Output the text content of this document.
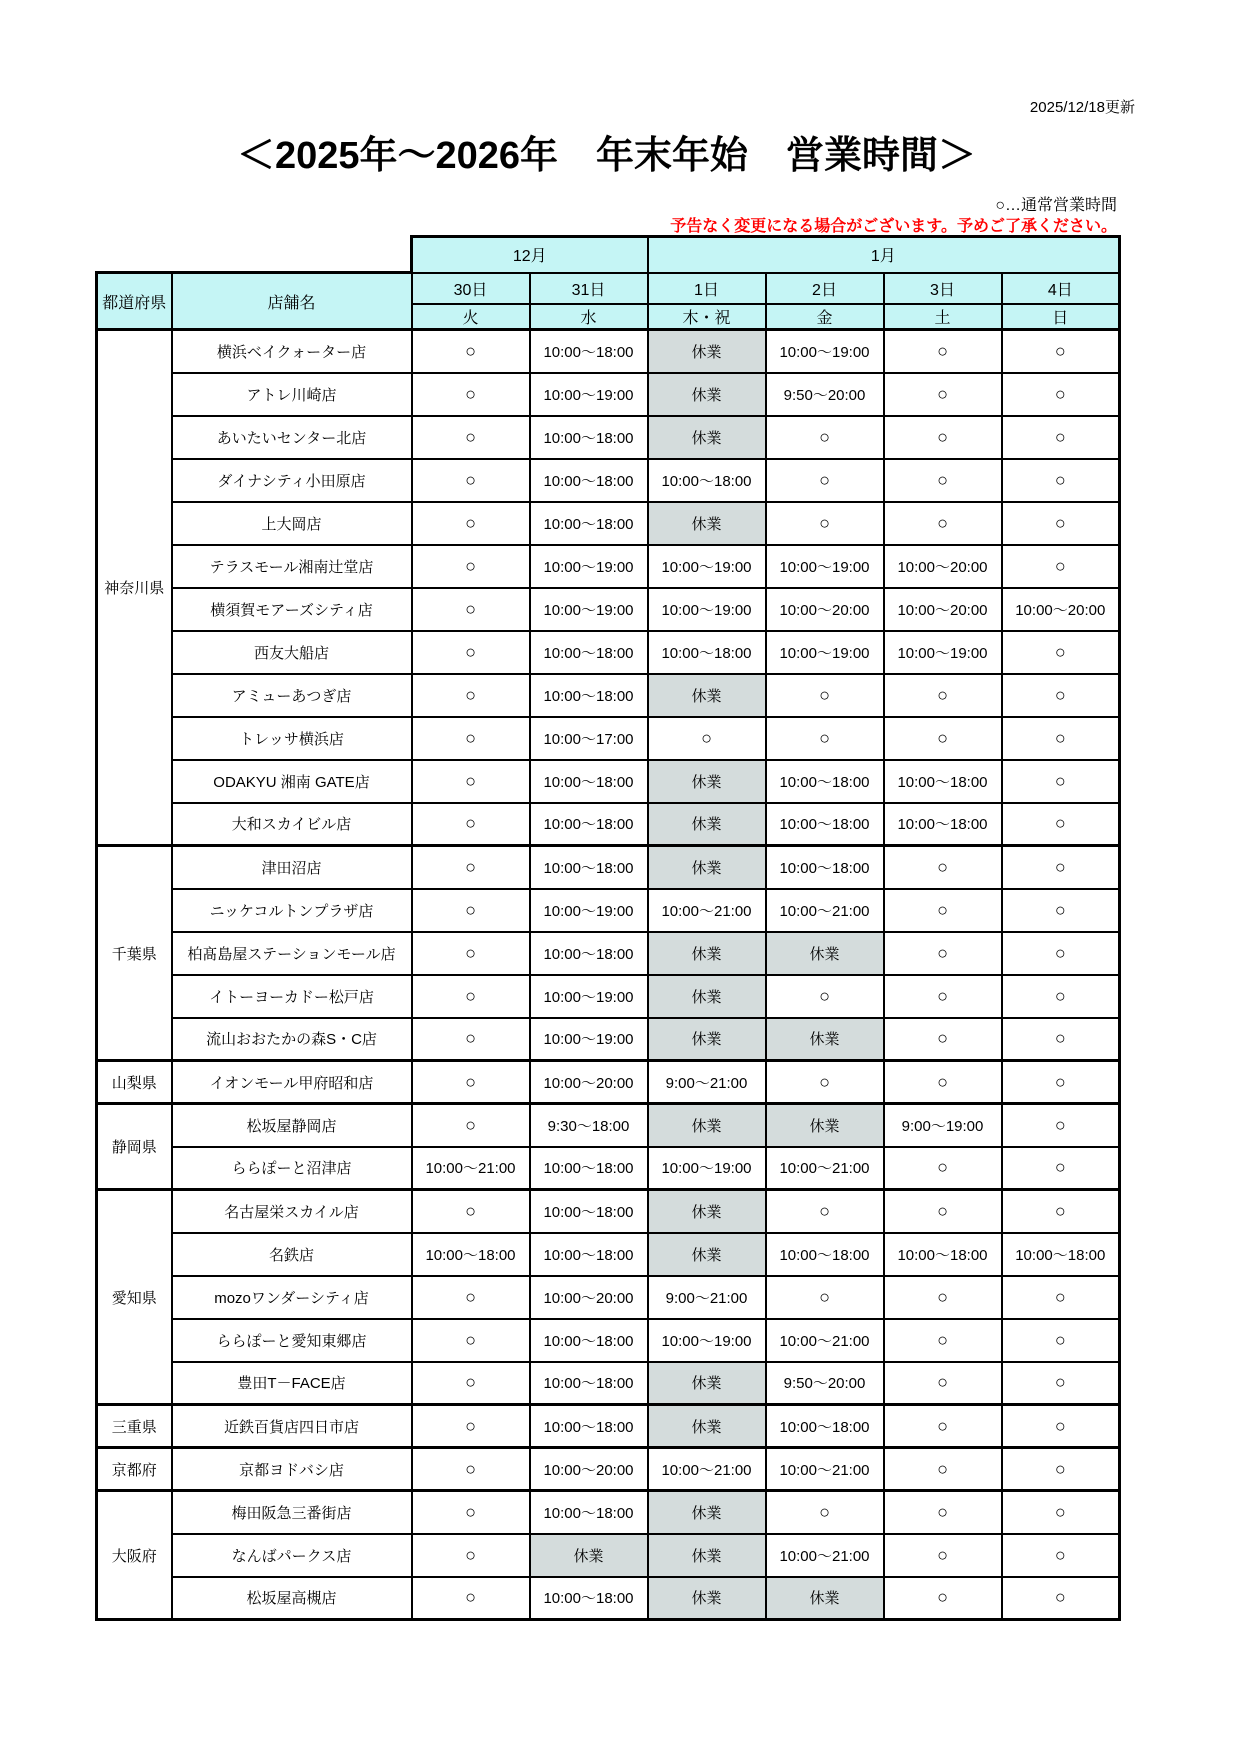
2025/12/18更新
＜2025年～2026年　年末年始　営業時間＞
○…通常営業時間
予告なく変更になる場合がございます。予めご了承ください。
		12月		1月			
都道府県	店舗名	30日	31日	1日	2日	3日	4日
		火	水	木・祝	金	土	日
神奈川県	横浜ベイクォーター店	○	10:00～18:00	休業	10:00～19:00	○	○
	アトレ川崎店	○	10:00～19:00	休業	9:50～20:00	○	○
	あいたいセンター北店	○	10:00～18:00	休業	○	○	○
	ダイナシティ小田原店	○	10:00～18:00	10:00～18:00	○	○	○
	上大岡店	○	10:00～18:00	休業	○	○	○
	テラスモール湘南辻堂店	○	10:00～19:00	10:00～19:00	10:00～19:00	10:00～20:00	○
	横須賀モアーズシティ店	○	10:00～19:00	10:00～19:00	10:00～20:00	10:00～20:00	10:00～20:00
	西友大船店	○	10:00～18:00	10:00～18:00	10:00～19:00	10:00～19:00	○
	アミューあつぎ店	○	10:00～18:00	休業	○	○	○
	トレッサ横浜店	○	10:00～17:00	○	○	○	○
	ODAKYU 湘南 GATE店	○	10:00～18:00	休業	10:00～18:00	10:00～18:00	○
	大和スカイビル店	○	10:00～18:00	休業	10:00～18:00	10:00～18:00	○
千葉県	津田沼店	○	10:00～18:00	休業	10:00～18:00	○	○
	ニッケコルトンプラザ店	○	10:00～19:00	10:00～21:00	10:00～21:00	○	○
	柏髙島屋ステーションモール店	○	10:00～18:00	休業	休業	○	○
	イトーヨーカドー松戸店	○	10:00～19:00	休業	○	○	○
	流山おおたかの森S・C店	○	10:00～19:00	休業	休業	○	○
山梨県	イオンモール甲府昭和店	○	10:00～20:00	9:00～21:00	○	○	○
静岡県	松坂屋静岡店	○	9:30～18:00	休業	休業	9:00～19:00	○
	ららぽーと沼津店	10:00～21:00	10:00～18:00	10:00～19:00	10:00～21:00	○	○
愛知県	名古屋栄スカイル店	○	10:00～18:00	休業	○	○	○
	名鉄店	10:00～18:00	10:00～18:00	休業	10:00～18:00	10:00～18:00	10:00～18:00
	mozoワンダーシティ店	○	10:00～20:00	9:00～21:00	○	○	○
	ららぽーと愛知東郷店	○	10:00～18:00	10:00～19:00	10:00～21:00	○	○
	豊田T－FACE店	○	10:00～18:00	休業	9:50～20:00	○	○
三重県	近鉄百貨店四日市店	○	10:00～18:00	休業	10:00～18:00	○	○
京都府	京都ヨドバシ店	○	10:00～20:00	10:00～21:00	10:00～21:00	○	○
大阪府	梅田阪急三番街店	○	10:00～18:00	休業	○	○	○
	なんばパークス店	○	休業	休業	10:00～21:00	○	○
	松坂屋高槻店	○	10:00～18:00	休業	休業	○	○
